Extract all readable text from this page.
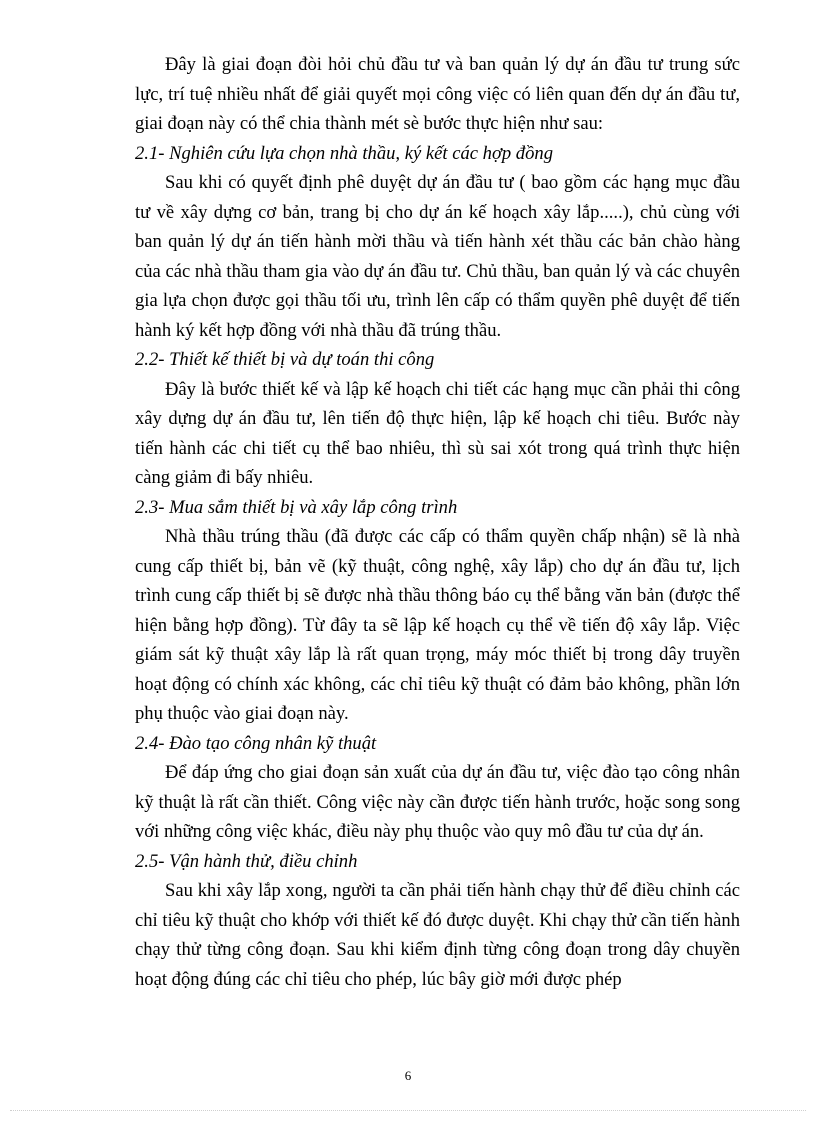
Đây là giai đoạn đòi hỏi chủ đầu tư và ban quản lý dự án đầu tư trung sức lực, trí tuệ nhiều nhất để giải quyết mọi công việc có liên quan đến dự án đầu tư, giai đoạn này có thể chia thành mét sè bước thực hiện như sau:

2.1- Nghiên cứu lựa chọn nhà thầu, ký kết các hợp đồng

Sau khi có quyết định phê duyệt dự án đầu tư ( bao gồm các hạng mục đầu tư về xây dựng cơ bản, trang bị cho dự án kế hoạch xây lắp.....), chủ cùng với ban quản lý dự án tiến hành mời thầu và tiến hành xét thầu các bản chào hàng của các nhà thầu tham gia vào dự án đầu tư. Chủ thầu, ban quản lý và các chuyên gia lựa chọn được gọi thầu tối ưu, trình lên cấp có thẩm quyền phê duyệt để tiến hành ký kết hợp đồng với nhà thầu đã trúng thầu.

2.2- Thiết kế thiết bị và dự toán thi công

Đây là bước thiết kế và lập kế hoạch chi tiết các hạng mục cần phải thi công xây dựng dự án đầu tư, lên tiến độ thực hiện, lập kế hoạch chi tiêu. Bước này tiến hành các chi tiết cụ thể bao nhiêu, thì sù sai xót trong quá trình thực hiện càng giảm đi bấy nhiêu.

2.3- Mua sắm thiết bị và xây lắp công trình

Nhà thầu trúng thầu (đã được các cấp có thẩm quyền chấp nhận) sẽ là nhà cung cấp thiết bị, bản vẽ (kỹ thuật, công nghệ, xây lắp) cho dự án đầu tư, lịch trình cung cấp thiết bị sẽ được nhà thầu thông báo cụ thể bằng văn bản (được thể hiện bằng hợp đồng). Từ đây ta sẽ lập kế hoạch cụ thể về tiến độ xây lắp. Việc giám sát kỹ thuật xây lắp là rất quan trọng, máy móc thiết bị trong dây truyền hoạt động có chính xác không, các chỉ tiêu kỹ thuật có đảm bảo không, phần lớn phụ thuộc vào giai đoạn này.

2.4- Đào tạo công nhân kỹ thuật

Để đáp ứng cho giai đoạn sản xuất của dự án đầu tư, việc đào tạo công nhân kỹ thuật là rất cần thiết. Công việc này cần được tiến hành trước, hoặc song song với những công việc khác, điều này phụ thuộc vào quy mô đầu tư của dự án.

2.5- Vận hành thử, điều chỉnh

Sau khi xây lắp xong, người ta cần phải tiến hành chạy thử để điều chỉnh các chỉ tiêu kỹ thuật cho khớp với thiết kế đó được duyệt. Khi chạy thử cần tiến hành chạy thử từng công đoạn. Sau khi kiểm định từng công đoạn trong dây chuyền hoạt động đúng các chỉ tiêu cho phép, lúc bây giờ mới được phép

6
